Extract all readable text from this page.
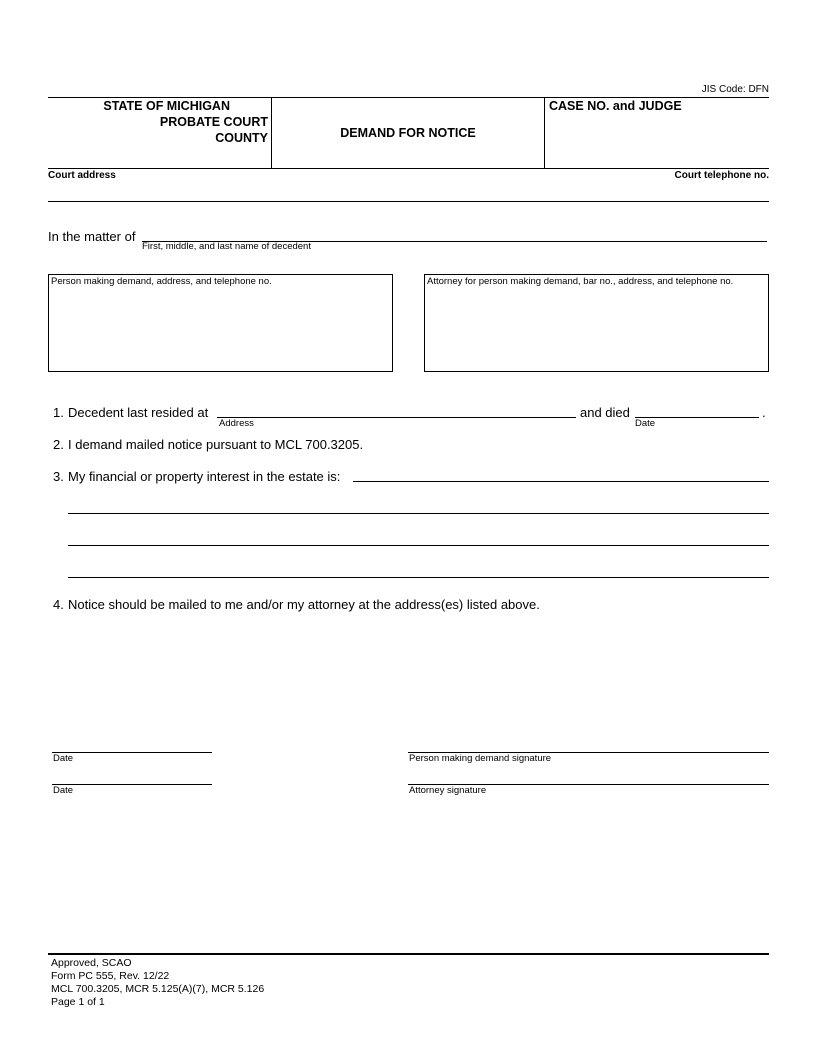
JIS Code: DFN
STATE OF MICHIGAN
PROBATE COURT
COUNTY	DEMAND FOR NOTICE
CASE NO. and JUDGE
Court address	Court telephone no.
In the matter of
First, middle, and last name of decedent
Person making demand, address, and telephone no.	Attorney for person making demand, bar no., address, and telephone no.
1. Decedent last resided at
Address
and died
Date
.
2. I demand mailed notice pursuant to MCL 700.3205.
3. My financial or property interest in the estate is:
4. Notice should be mailed to me and/or my attorney at the address(es) listed above.
Date	Person making demand signature
Date	Attorney signature
Approved, SCAO
Form PC 555, Rev. 12/22
MCL 700.3205, MCR 5.125(A)(7), MCR 5.126
Page 1 of 1
